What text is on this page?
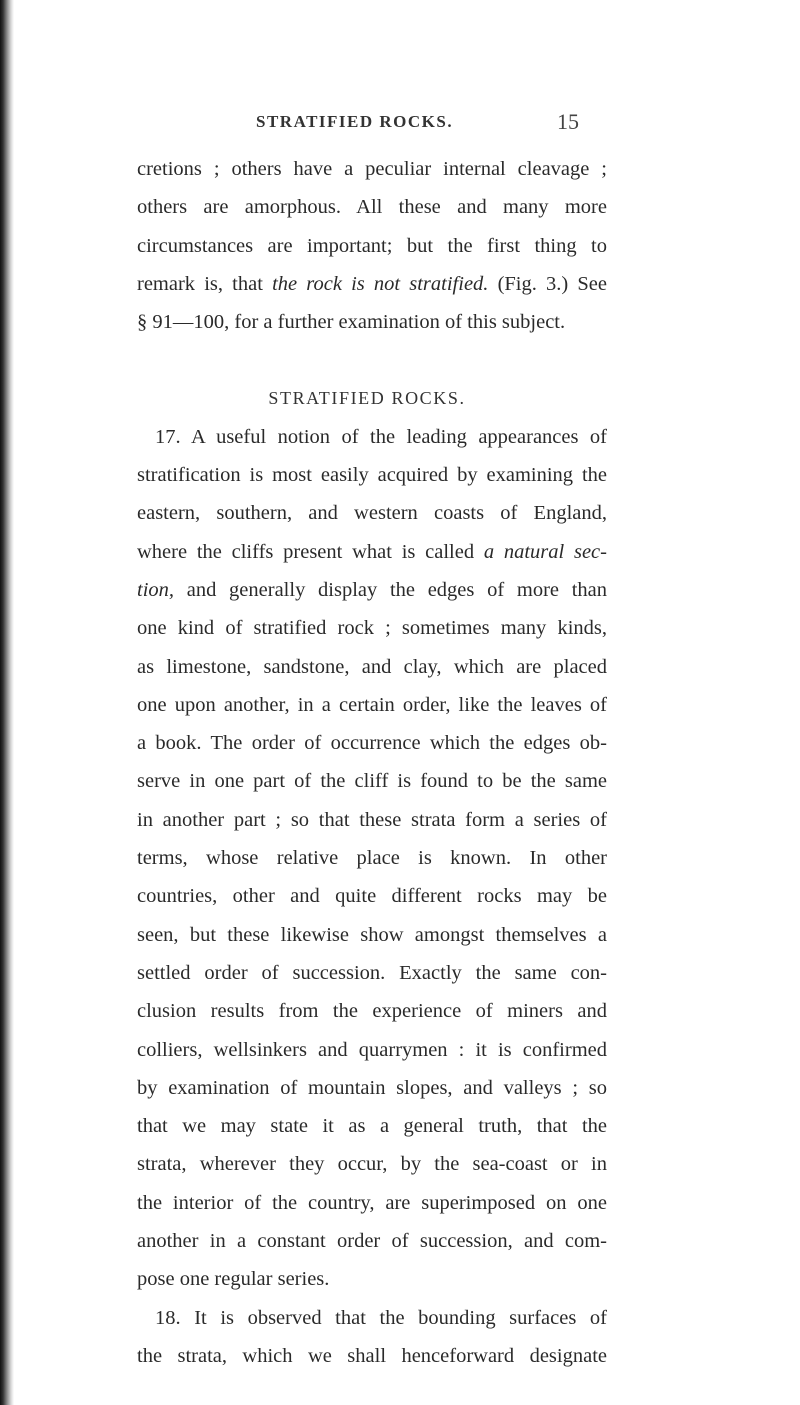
STRATIFIED ROCKS.	15
cretions ; others have a peculiar internal cleavage ;
others are amorphous. All these and many more
circumstances are important; but the first thing to
remark is, that the rock is not stratified. (Fig. 3.) See
§ 91—100, for a further examination of this subject.
STRATIFIED ROCKS.
17. A useful notion of the leading appearances of
stratification is most easily acquired by examining the
eastern, southern, and western coasts of England,
where the cliffs present what is called a natural sec-
tion, and generally display the edges of more than
one kind of stratified rock ; sometimes many kinds,
as limestone, sandstone, and clay, which are placed
one upon another, in a certain order, like the leaves of
a book. The order of occurrence which the edges ob-
serve in one part of the cliff is found to be the same
in another part ; so that these strata form a series of
terms, whose relative place is known. In other
countries, other and quite different rocks may be
seen, but these likewise show amongst themselves a
settled order of succession. Exactly the same con-
clusion results from the experience of miners and
colliers, wellsinkers and quarrymen : it is confirmed
by examination of mountain slopes, and valleys ; so
that we may state it as a general truth, that the
strata, wherever they occur, by the sea-coast or in
the interior of the country, are superimposed on one
another in a constant order of succession, and com-
pose one regular series.
18. It is observed that the bounding surfaces of
the strata, which we shall henceforward designate
